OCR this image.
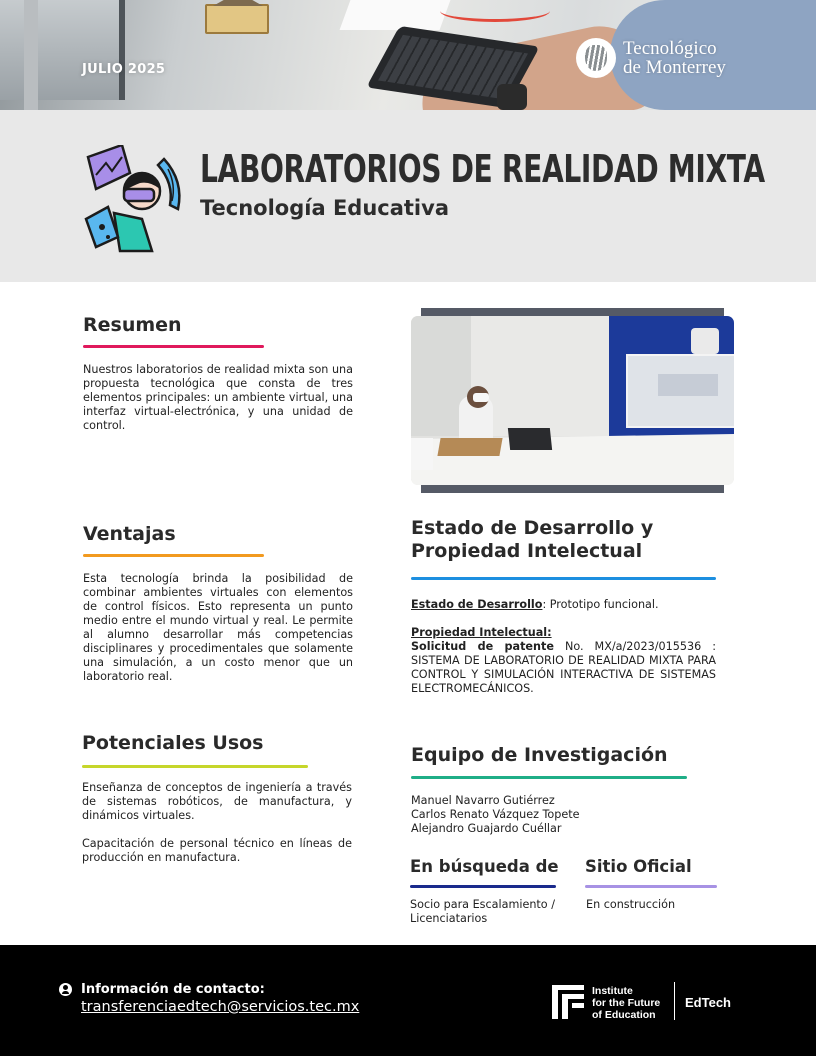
JULIO 2025
Tecnológico
de Monterrey
LABORATORIOS DE REALIDAD MIXTA
Tecnología Educativa
Resumen
Nuestros laboratorios de realidad mixta son una propuesta tecnológica que consta de tres elementos principales: un ambiente virtual, una interfaz virtual-electrónica, y una unidad de control.
Ventajas
Esta tecnología brinda la posibilidad de combinar ambientes virtuales con elementos de control físicos. Esto representa un punto medio entre el mundo virtual y real. Le permite al alumno desarrollar más competencias disciplinares y procedimentales que solamente una simulación, a un costo menor que un laboratorio real.
Estado de Desarrollo y Propiedad Intelectual
Estado de Desarrollo: Prototipo funcional.
Propiedad Intelectual:
Solicitud de patente No. MX/a/2023/015536 : SISTEMA DE LABORATORIO DE REALIDAD MIXTA PARA CONTROL Y SIMULACIÓN INTERACTIVA DE SISTEMAS ELECTROMECÁNICOS.
Potenciales Usos
Enseñanza de conceptos de ingeniería a través de sistemas robóticos, de manufactura, y dinámicos virtuales.
Capacitación de personal técnico en líneas de producción en manufactura.
Equipo de Investigación
Manuel Navarro Gutiérrez
Carlos Renato Vázquez Topete
Alejandro Guajardo Cuéllar
En búsqueda de
Socio para Escalamiento / Licenciatarios
Sitio Oficial
En construcción
Información de contacto:
transferenciaedtech@servicios.tec.mx
Institute
for the Future
of Education
EdTech
